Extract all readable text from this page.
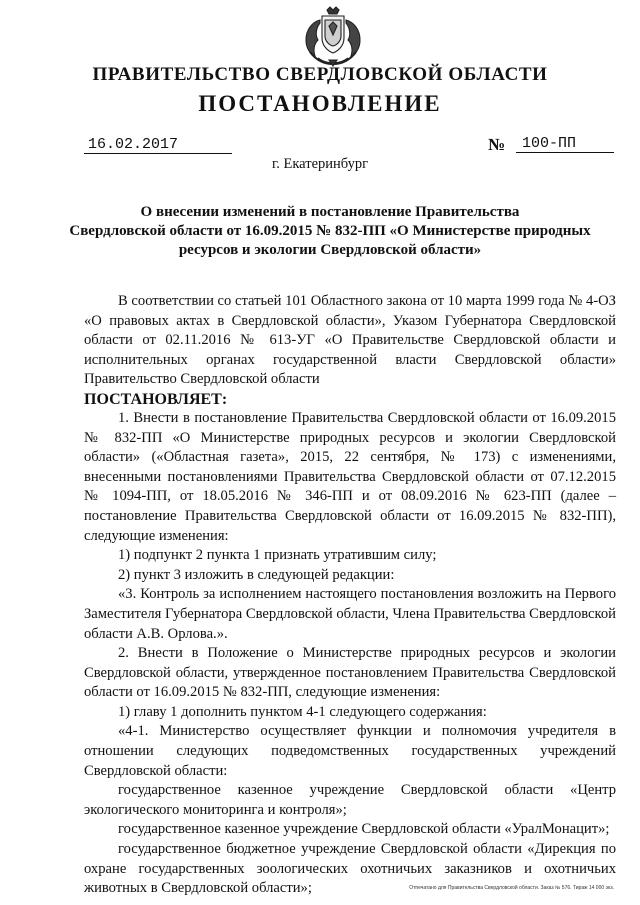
ПРАВИТЕЛЬСТВО СВЕРДЛОВСКОЙ ОБЛАСТИ
ПОСТАНОВЛЕНИЕ
16.02.2017	№	100-ПП
г. Екатеринбург
О внесении изменений в постановление Правительства
Свердловской области от 16.09.2015 № 832-ПП «О Министерстве природных
ресурсов и экологии Свердловской области»

В соответствии со статьей 101 Областного закона от 10 марта 1999 года № 4-ОЗ «О правовых актах в Свердловской области», Указом Губернатора Свердловской области от 02.11.2016 № 613-УГ «О Правительстве Свердловской области и исполнительных органах государственной власти Свердловской области» Правительство Свердловской области

ПОСТАНОВЛЯЕТ:

1. Внести в постановление Правительства Свердловской области от 16.09.2015 № 832-ПП «О Министерстве природных ресурсов и экологии Свердловской области» («Областная газета», 2015, 22 сентября, № 173) с изменениями, внесенными постановлениями Правительства Свердловской области от 07.12.2015 № 1094-ПП, от 18.05.2016 № 346-ПП и от 08.09.2016 № 623-ПП (далее – постановление Правительства Свердловской области от 16.09.2015 № 832-ПП), следующие изменения:

1) подпункт 2 пункта 1 признать утратившим силу;

2) пункт 3 изложить в следующей редакции:

«3. Контроль за исполнением настоящего постановления возложить на Первого Заместителя Губернатора Свердловской области, Члена Правительства Свердловской области А.В. Орлова.».

2. Внести в Положение о Министерстве природных ресурсов и экологии Свердловской области, утвержденное постановлением Правительства Свердловской области от 16.09.2015 № 832-ПП, следующие изменения:

1) главу 1 дополнить пунктом 4-1 следующего содержания:

«4-1. Министерство осуществляет функции и полномочия учредителя в отношении следующих подведомственных государственных учреждений Свердловской области:

государственное казенное учреждение Свердловской области «Центр экологического мониторинга и контроля»;

государственное казенное учреждение Свердловской области «УралМонацит»;

государственное бюджетное учреждение Свердловской области «Дирекция по охране государственных зоологических охотничьих заказников и охотничьих животных в Свердловской области»;	Отпечатано для Правительства Свердловской области. Заказ № 576. Тираж 14 000 экз.
